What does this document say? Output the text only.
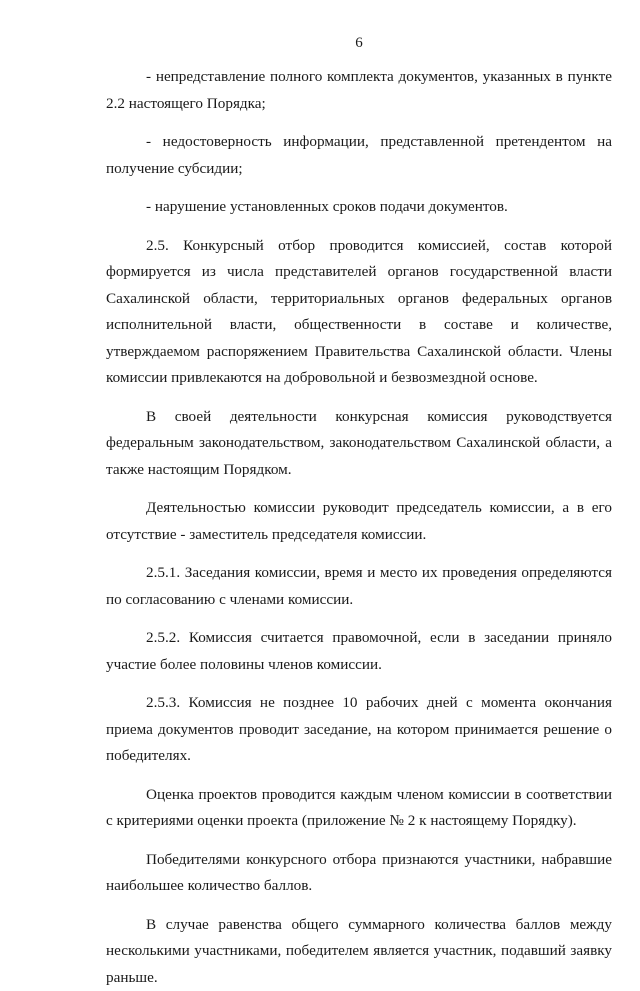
6

- непредставление полного комплекта документов, указанных в пункте 2.2 настоящего Порядка;

- недостоверность информации, представленной претендентом на получение субсидии;

- нарушение установленных сроков подачи документов.

2.5. Конкурсный отбор проводится комиссией, состав которой формируется из числа представителей органов государственной власти Сахалинской области, территориальных органов федеральных органов исполнительной власти, общественности в составе и количестве, утверждаемом распоряжением Правительства Сахалинской области. Члены комиссии привлекаются на добровольной и безвозмездной основе.

В своей деятельности конкурсная комиссия руководствуется федеральным законодательством, законодательством Сахалинской области, а также настоящим Порядком.

Деятельностью комиссии руководит председатель комиссии, а в его отсутствие - заместитель председателя комиссии.

2.5.1. Заседания комиссии, время и место их проведения определяются по согласованию с членами комиссии.

2.5.2. Комиссия считается правомочной, если в заседании приняло участие более половины членов комиссии.

2.5.3. Комиссия не позднее 10 рабочих дней с момента окончания приема документов проводит заседание, на котором принимается решение о победителях.

Оценка проектов проводится каждым членом комиссии в соответствии с критериями оценки проекта (приложение № 2 к настоящему Порядку).

Победителями конкурсного отбора признаются участники, набравшие наибольшее количество баллов.

В случае равенства общего суммарного количества баллов между несколькими участниками, победителем является участник, подавший заявку раньше.
